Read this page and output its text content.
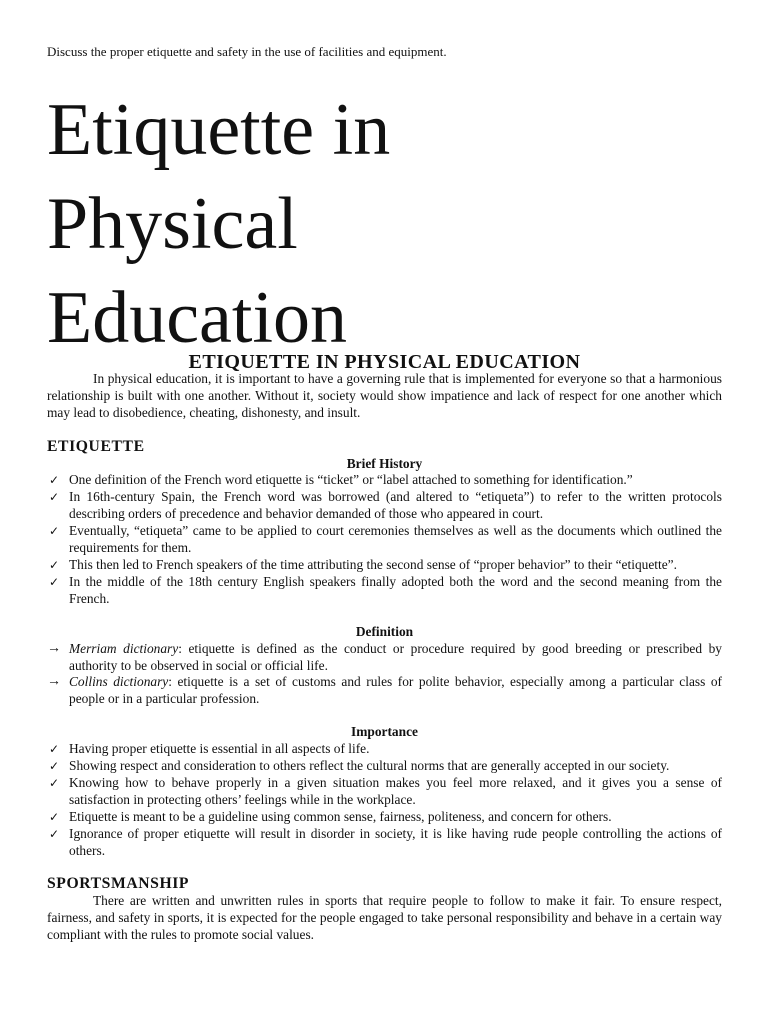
Discuss the proper etiquette and safety in the use of facilities and equipment.

Etiquette in
Physical
Education
ETIQUETTE IN PHYSICAL EDUCATION

In physical education, it is important to have a governing rule that is implemented for everyone so that a harmonious relationship is built with one another. Without it, society would show impatience and lack of respect for one another which may lead to disobedience, cheating, dishonesty, and insult.

ETIQUETTE
Brief History
✓ One definition of the French word etiquette is “ticket” or “label attached to something for identification.”
✓ In 16th-century Spain, the French word was borrowed (and altered to “etiqueta”) to refer to the written protocols describing orders of precedence and behavior demanded of those who appeared in court.
✓ Eventually, “etiqueta” came to be applied to court ceremonies themselves as well as the documents which outlined the requirements for them.
✓ This then led to French speakers of the time attributing the second sense of “proper behavior” to their “etiquette”.
✓ In the middle of the 18th century English speakers finally adopted both the word and the second meaning from the French.
Definition
→ Merriam dictionary: etiquette is defined as the conduct or procedure required by good breeding or prescribed by authority to be observed in social or official life.
→ Collins dictionary: etiquette is a set of customs and rules for polite behavior, especially among a particular class of people or in a particular profession.
Importance
✓ Having proper etiquette is essential in all aspects of life.
✓ Showing respect and consideration to others reflect the cultural norms that are generally accepted in our society.
✓ Knowing how to behave properly in a given situation makes you feel more relaxed, and it gives you a sense of satisfaction in protecting others’ feelings while in the workplace.
✓ Etiquette is meant to be a guideline using common sense, fairness, politeness, and concern for others.
✓ Ignorance of proper etiquette will result in disorder in society, it is like having rude people controlling the actions of others.
SPORTSMANSHIP

There are written and unwritten rules in sports that require people to follow to make it fair. To ensure respect, fairness, and safety in sports, it is expected for the people engaged to take personal responsibility and behave in a certain way compliant with the rules to promote social values.
